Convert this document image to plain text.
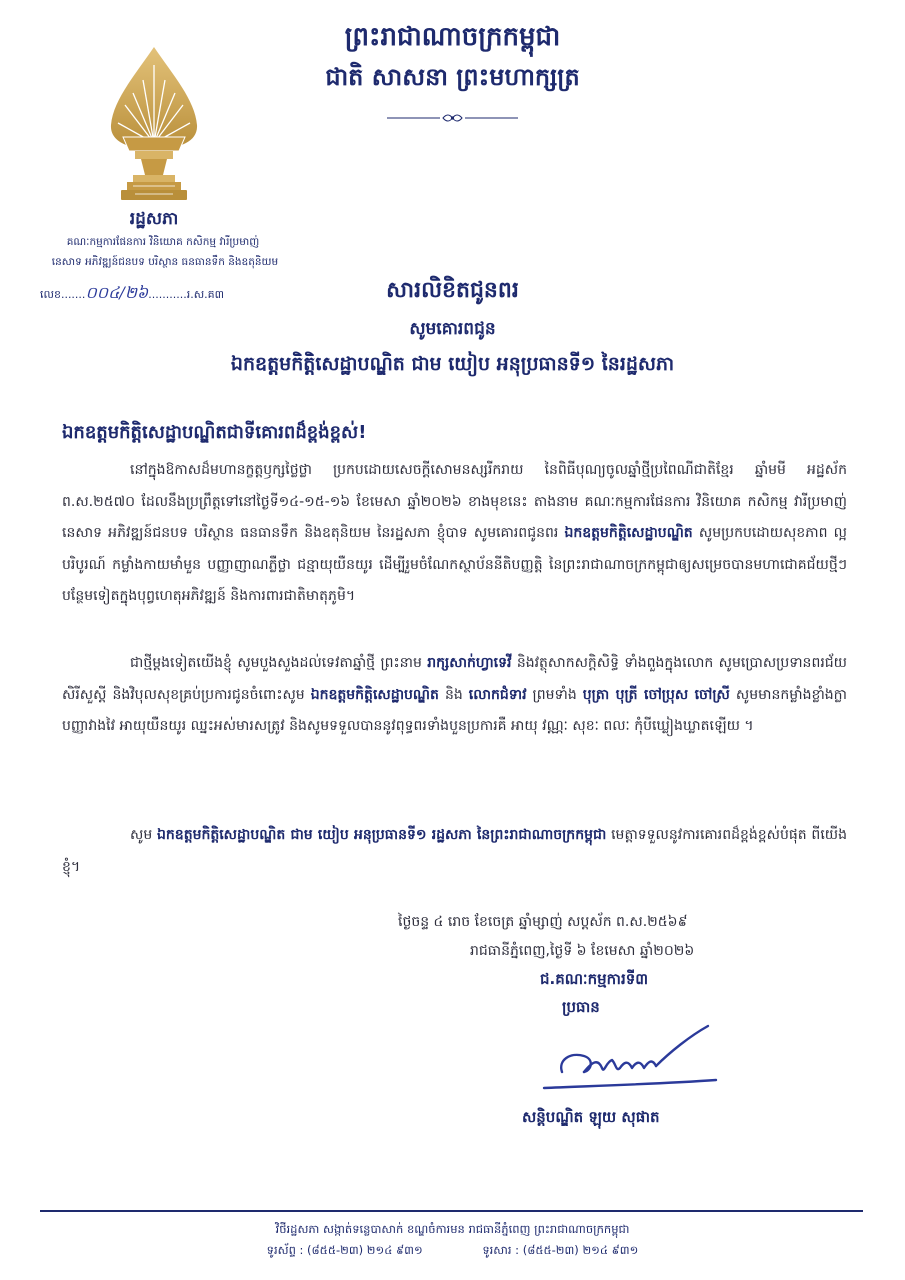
ព្រះរាជាណាចក្រកម្ពុជា
ជាតិ សាសនា ព្រះមហាក្សត្រ
រដ្ឋសភា
គណៈកម្មការផែនការ វិនិយោគ កសិកម្ម វារីប្រមាញ់
នេសាទ អភិវឌ្ឍន៍ជនបទ បរិស្ថាន ធនធានទឹក និងឧតុនិយម
លេខ.......០០៤/២៦...........រ.ស.គ៣	សារលិខិតជូនពរ
សូមគោរពជូន
ឯកឧត្តមកិត្តិសេដ្ឋាបណ្ឌិត ជាម យៀប អនុប្រធានទី១ នៃរដ្ឋសភា
ឯកឧត្តមកិត្តិសេដ្ឋាបណ្ឌិតជាទីគោរពដ៏ខ្ពង់ខ្ពស់!
នៅក្នុងឱកាសដ៏មហានក្ខត្តឫក្សថ្លៃថ្លា ប្រកបដោយសេចក្ដីសោមនស្សរីករាយ នៃពិធីបុណ្យចូលឆ្នាំថ្មីប្រពៃណីជាតិខ្មែរ ឆ្នាំមមី អដ្ឋស័ក ព.ស.២៥៧០ ដែលនឹងប្រព្រឹត្តទៅនៅថ្ងៃទី១៤-១៥-១៦ ខែមេសា ឆ្នាំ២០២៦ ខាងមុខនេះ តាងនាម គណៈកម្មការផែនការ វិនិយោគ កសិកម្ម វារីប្រមាញ់ នេសាទ អភិវឌ្ឍន៍ជនបទ បរិស្ថាន ធនធានទឹក និងឧតុនិយម នៃរដ្ឋសភា ខ្ញុំបាទ សូមគោរពជូនពរ ឯកឧត្តមកិត្តិសេដ្ឋាបណ្ឌិត សូមប្រកបដោយសុខភាព ល្អបរិបូរណ៍ កម្លាំងកាយមាំមួន បញ្ញាញាណភ្លឺថ្លា ជន្មាយុយឺនយូរ ដើម្បីរួមចំណែកស្ថាប័ននីតិបញ្ញត្តិ នៃព្រះរាជាណាចក្រកម្ពុជាឲ្យសម្រេចបានមហាជោគជ័យថ្មីៗ បន្ថែមទៀតក្នុងបុព្វហេតុអភិវឌ្ឍន៍ និងការពារជាតិមាតុភូមិ។
ជាថ្មីម្ដងទៀតយើងខ្ញុំ សូមបួងសួងដល់ទេវតាឆ្នាំថ្មី ព្រះនាម រាក្សសាក់ហ្វាទេវី និងវត្ថុសាកសក្តិសិទ្ធិ ទាំងពួងក្នុងលោក សូមប្រោសប្រទានពរជ័យ សិរីសួស្ដី និងវិបុលសុខគ្រប់ប្រការជូនចំពោះសូម ឯកឧត្តមកិត្តិសេដ្ឋាបណ្ឌិត និង លោកជំទាវ ព្រមទាំង បុត្រា បុត្រី ចៅប្រុស ចៅស្រី សូមមានកម្លាំងខ្លាំងក្លា បញ្ញាវាងវៃ អាយុយឺនយូរ ឈ្នះអស់មារសត្រូវ និងសូមទទួលបាននូវពុទ្ធពរទាំងបួនប្រការគឺ អាយុ វណ្ណៈ សុខៈ ពលៈ កុំបីឃ្លៀងឃ្លាតឡើយ ។
សូម ឯកឧត្តមកិត្តិសេដ្ឋាបណ្ឌិត ជាម យៀប អនុប្រធានទី១ រដ្ឋសភា នៃព្រះរាជាណាចក្រកម្ពុជា មេត្តាទទួលនូវការគោរពដ៏ខ្ពង់ខ្ពស់បំផុត ពីយើងខ្ញុំ។
ថ្ងៃចន្ទ ៤ រោច ខែចេត្រ ឆ្នាំម្សាញ់ សប្តស័ក ព.ស.២៥៦៩
រាជធានីភ្នំពេញ,ថ្ងៃទី ៦ ខែមេសា ឆ្នាំ២០២៦
ជ.គណៈកម្មការទី៣
ប្រធាន
សន្តិបណ្ឌិត ឡុយ សុផាត
វិថីរដ្ឋសភា សង្កាត់ទន្លេបាសាក់ ខណ្ឌចំការមន រាជធានីភ្នំពេញ ព្រះរាជាណាចក្រកម្ពុជា
ទូរស័ព្ទ : (៨៥៥-២៣) ២១៤ ៩៣១	ទូរសារ : (៨៥៥-២៣) ២១៤ ៩៣១
